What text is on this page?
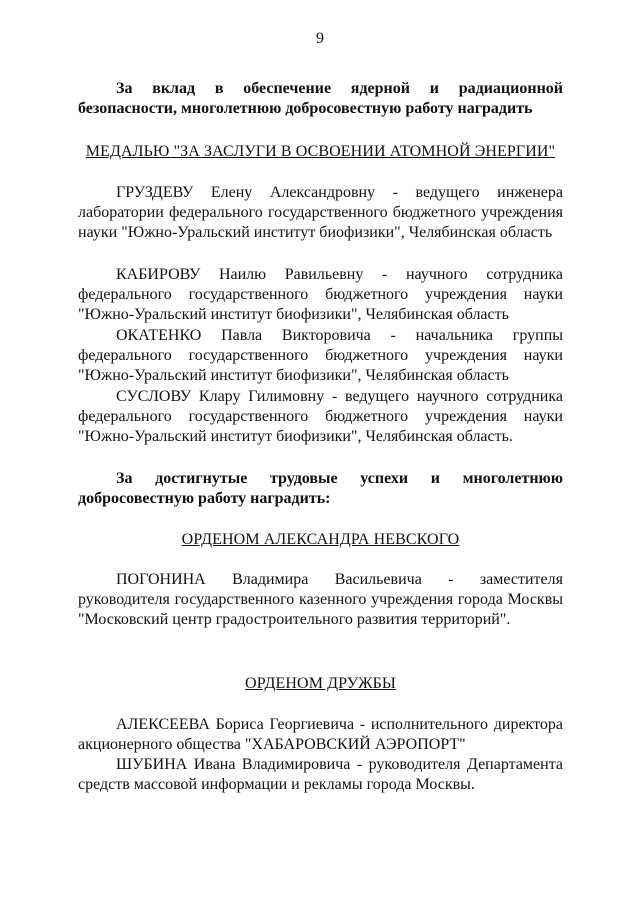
9

За вклад в обеспечение ядерной и радиационной безопасности, многолетнюю добросовестную работу наградить

МЕДАЛЬЮ "ЗА ЗАСЛУГИ В ОСВОЕНИИ АТОМНОЙ ЭНЕРГИИ"

ГРУЗДЕВУ Елену Александровну - ведущего инженера лаборатории федерального государственного бюджетного учреждения науки "Южно-Уральский институт биофизики", Челябинская область

КАБИРОВУ Наилю Равильевну - научного сотрудника федерального государственного бюджетного учреждения науки "Южно-Уральский институт биофизики", Челябинская область

ОКАТЕНКО Павла Викторовича - начальника группы федерального государственного бюджетного учреждения науки "Южно-Уральский институт биофизики", Челябинская область

СУСЛОВУ Клару Гилимовну - ведущего научного сотрудника федерального государственного бюджетного учреждения науки "Южно-Уральский институт биофизики", Челябинская область.

За достигнутые трудовые успехи и многолетнюю добросовестную работу наградить:

ОРДЕНОМ АЛЕКСАНДРА НЕВСКОГО

ПОГОНИНА Владимира Васильевича - заместителя руководителя государственного казенного учреждения города Москвы "Московский центр градостроительного развития территорий".

ОРДЕНОМ ДРУЖБЫ

АЛЕКСЕЕВА Бориса Георгиевича - исполнительного директора акционерного общества "ХАБАРОВСКИЙ АЭРОПОРТ"

ШУБИНА Ивана Владимировича - руководителя Департамента средств массовой информации и рекламы города Москвы.
